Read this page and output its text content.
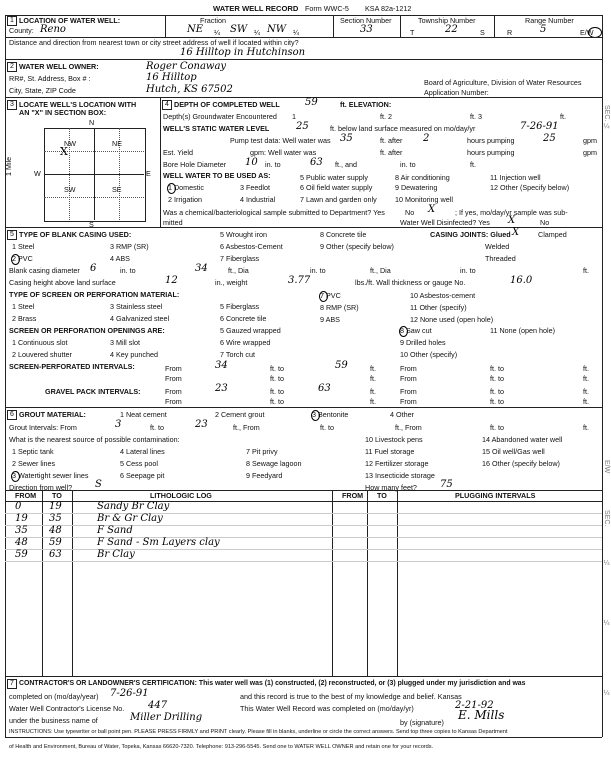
WATER WELL RECORD Form WWC-5 KSA 82a-1212
1 LOCATION OF WATER WELL:
County: Reno
Fraction
NE ¼ SW ¼ NW ¼
Section Number
33
Township Number
T	22	S
Range Number
R	5	E/W
Distance and direction from nearest town or city street address of well if located within city?
16 Hilltop in Hutchinson
2 WATER WELL OWNER:	Roger Conaway
RR#, St. Address, Box # :	16 Hilltop
City, State, ZIP Code	Hutch, KS 67502
Board of Agriculture, Division of Water Resources
Application Number:
3 LOCATE WELL'S LOCATION WITH
AN "X" IN SECTION BOX:
N
S
W	E
1 Mile
NW	NE
SW	SE
X
4 DEPTH OF COMPLETED WELL	59	ft. ELEVATION:
Depth(s) Groundwater Encountered 1	ft. 2	ft. 3	ft.
WELL'S STATIC WATER LEVEL	25	ft. below land surface measured on mo/day/yr	7-26-91
Pump test data: Well water was 35	ft. after 2	hours pumping	25	gpm
Est. Yield	gpm: Well water was	ft. after	hours pumping	gpm
Bore Hole Diameter 10 in. to	63 ft., and	in. to	ft.
WELL WATER TO BE USED AS:
1 Domestic	3 Feedlot
5 Public water supply	8 Air conditioning	11 Injection well
2 Irrigation	4 Industrial
6 Oil field water supply	9 Dewatering	12 Other (Specify below)
7 Lawn and garden only	10 Monitoring well
Was a chemical/bacteriological sample submitted to Department? Yes	No X	; If yes, mo/day/yr sample was sub-
mitted	Water Well Disinfected? Yes X	No
5 TYPE OF BLANK CASING USED:
1 Steel
2 PVC
3 RMP (SR)
4 ABS
5 Wrought iron
6 Asbestos-Cement
7 Fiberglass
8 Concrete tile
9 Other (specify below)
CASING JOINTS: Glued X	Clamped
Welded
Threaded
Blank casing diameter 6	in. to	34	ft., Dia	in. to	ft., Dia	in. to	ft.
Casing height above land surface	12	in., weight	3.77	lbs./ft. Wall thickness or gauge No.	16.0
TYPE OF SCREEN OR PERFORATION MATERIAL:
1 Steel	3 Stainless steel	5 Fiberglass
7 PVC	10 Asbestos-cement
2 Brass	4 Galvanized steel	6 Concrete tile
8 RMP (SR)	11 Other (specify)
9 ABS	12 None used (open hole)
SCREEN OR PERFORATION OPENINGS ARE:	5 Gauzed wrapped	8 Saw cut	11 None (open hole)
1 Continuous slot	3 Mill slot	6 Wire wrapped	9 Drilled holes
2 Louvered shutter	4 Key punched	7 Torch cut	10 Other (specify)
SCREEN-PERFORATED INTERVALS:	From	34	ft. to	59	ft.	From	ft. to	ft.
From	ft. to	ft.	From	ft. to	ft.
GRAVEL PACK INTERVALS:	From	23	ft. to	63	ft.	From	ft. to	ft.
From	ft. to	ft.	From	ft. to	ft.
6 GROUT MATERIAL:	1 Neat cement	2 Cement grout	3 Bentonite	4 Other
Grout Intervals: From	3	ft. to	23	ft., From	ft. to	ft., From	ft. to	ft.
What is the nearest source of possible contamination:
1 Septic tank	4 Lateral lines	7 Pit privy
10 Livestock pens	14 Abandoned water well
2 Sewer lines	5 Cess pool	8 Sewage lagoon
11 Fuel storage	15 Oil well/Gas well
3 Watertight sewer lines	6 Seepage pit	9 Feedyard
12 Fertilizer storage	16 Other (specify below)
13 Insecticide storage
Direction from well? S	How many feet? 75
FROM TO	LITHOLOGIC LOG	FROM TO	PLUGGING INTERVALS
0	19	Sandy Br Clay
19 35	Br & Gr Clay
35 48	F Sand
48 59	F Sand - Sm Layers clay
59 63	Br Clay
7 CONTRACTOR'S OR LANDOWNER'S CERTIFICATION: This water well was (1) constructed, (2) reconstructed, or (3) plugged under my jurisdiction and was
completed on (mo/day/year) 7-26-91	and this record is true to the best of my knowledge and belief. Kansas
Water Well Contractor's License No. 447	This Water Well Record was completed on (mo/day/yr)	2-21-92
under the business name of	Miller Drilling	by (signature)
E. Mills
INSTRUCTIONS: Use typewriter or ball point pen. PLEASE PRESS FIRMLY and PRINT clearly. Please fill in blanks, underline or circle the correct answers. Send top three copies to Kansas Department
of Health and Environment, Bureau of Water, Topeka, Kansas 66620-7320. Telephone: 913-296-5545. Send one to WATER WELL OWNER and retain one for your records.
SEC. ¼
E/W
SEC.
¼
¼
¼
